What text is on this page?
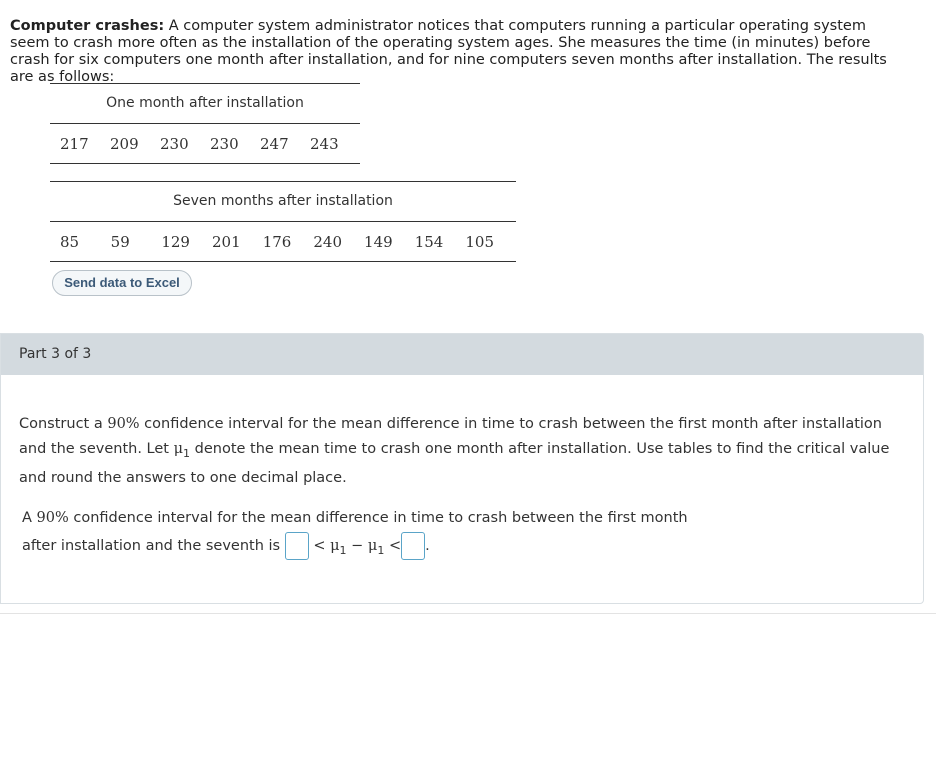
Computer crashes: A computer system administrator notices that computers running a particular operating system seem to crash more often as the installation of the operating system ages. She measures the time (in minutes) before crash for six computers one month after installation, and for nine computers seven months after installation. The results are as follows:
One month after installation
217	209	230	230	247	243
Seven months after installation
85	59	129	201	176	240	149	154	105
Send data to Excel
Part 3 of 3
Construct a 90% confidence interval for the mean difference in time to crash between the first month after installation and the seventh. Let $\mu_1$ denote the mean time to crash one month after installation. Use tables to find the critical value and round the answers to one decimal place.
A 90% confidence interval for the mean difference in time to crash between the first month
after installation and the seventh is < $\mu_1 - \mu_1$ < .
